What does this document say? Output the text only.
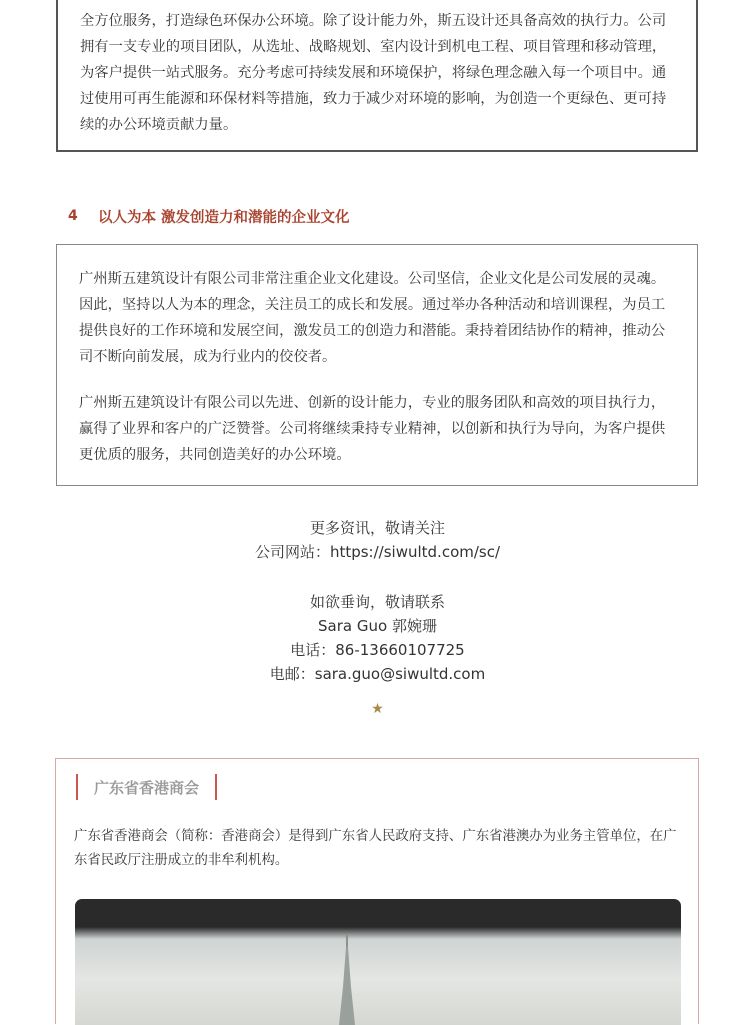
全方位服务，打造绿色环保办公环境。除了设计能力外，斯五设计还具备高效的执行力。公司拥有一支专业的项目团队，从选址、战略规划、室内设计到机电工程、项目管理和移动管理，为客户提供一站式服务。充分考虑可持续发展和环境保护，将绿色理念融入每一个项目中。通过使用可再生能源和环保材料等措施，致力于减少对环境的影响，为创造一个更绿色、更可持续的办公环境贡献力量。

4	以人为本 激发创造力和潜能的企业文化

广州斯五建筑设计有限公司非常注重企业文化建设。公司坚信，企业文化是公司发展的灵魂。因此，坚持以人为本的理念，关注员工的成长和发展。通过举办各种活动和培训课程，为员工提供良好的工作环境和发展空间，激发员工的创造力和潜能。秉持着团结协作的精神，推动公司不断向前发展，成为行业内的佼佼者。

广州斯五建筑设计有限公司以先进、创新的设计能力，专业的服务团队和高效的项目执行力，赢得了业界和客户的广泛赞誉。公司将继续秉持专业精神，以创新和执行为导向，为客户提供更优质的服务，共同创造美好的办公环境。

更多资讯，敬请关注
公司网站：https://siwultd.com/sc/
如欲垂询，敬请联系
Sara Guo 郭婉珊
电话：86-13660107725
电邮：sara.guo@siwultd.com
★
广东省香港商会

广东省香港商会（简称：香港商会）是得到广东省人民政府支持、广东省港澳办为业务主管单位，在广东省民政厅注册成立的非牟利机构。
